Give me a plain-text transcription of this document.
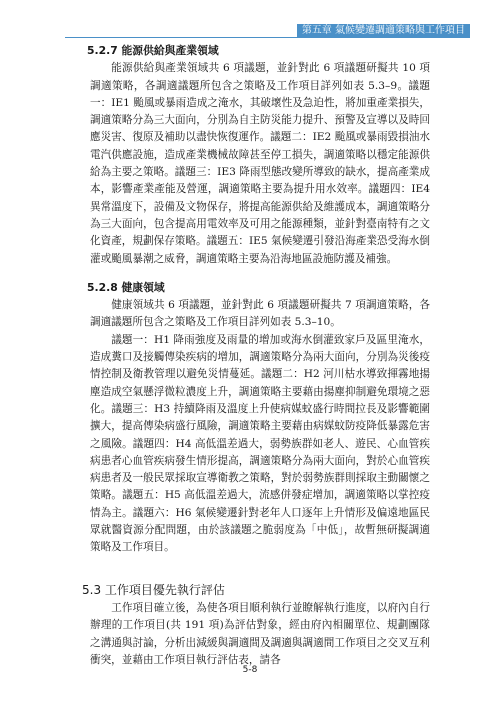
第五章 氣候變遷調適策略與工作項目
5.2.7 能源供給與產業領域

能源供給與產業領域共 6 項議題，並針對此 6 項議題研擬共 10 項調適策略，各調適議題所包含之策略及工作項目詳列如表 5.3–9。議題一：IE1 颱風或暴雨造成之淹水，其破壞性及急迫性，將加重產業損失，調適策略分為三大面向，分別為自主防災能力提升、預警及宣導以及時回應災害、復原及補助以盡快恢復運作。議題二：IE2 颱風或暴雨毀損油水電汽供應設施，造成產業機械故障甚至停工損失，調適策略以穩定能源供給為主要之策略。議題三：IE3 降雨型態改變所導致的缺水，提高產業成本，影響產業產能及營運，調適策略主要為提升用水效率。議題四：IE4 異常溫度下，設備及文物保存，將提高能源供給及維護成本，調適策略分為三大面向，包含提高用電效率及可用之能源種類，並針對臺南特有之文化資產，規劃保存策略。議題五：IE5 氣候變遷引發沿海產業恐受海水倒灌或颱風暴潮之威脅，調適策略主要為沿海地區設施防護及補強。

5.2.8 健康領域

健康領域共 6 項議題，並針對此 6 項議題研擬共 7 項調適策略，各調適議題所包含之策略及工作項目詳列如表 5.3–10。

議題一：H1 降雨強度及雨量的增加或海水倒灌致家戶及區里淹水，造成糞口及接觸傳染疾病的增加，調適策略分為兩大面向，分別為災後疫情控制及衛教管理以避免災情蔓延。議題二：H2 河川枯水導致揮霧地揚塵造成空氣懸浮微粒濃度上升，調適策略主要藉由揚塵抑制避免環境之惡化。議題三：H3 持續降雨及溫度上升使病媒蚊盛行時間拉長及影響範圍擴大，提高傳染病盛行風險，調適策略主要藉由病媒蚊防疫降低暴露危害之風險。議題四：H4 高低溫差過大，弱勢族群如老人、遊民、心血管疾病患者心血管疾病發生情形提高，調適策略分為兩大面向，對於心血管疾病患者及一般民眾採取宣導衛教之策略，對於弱勢族群則採取主動關懷之策略。議題五：H5 高低溫差過大，流感併發症增加，調適策略以掌控疫情為主。議題六：H6 氣候變遷針對老年人口逐年上升情形及偏遠地區民眾就醫資源分配問題，由於該議題之脆弱度為「中低」，故暫無研擬調適策略及工作項目。

5.3 工作項目優先執行評估

工作項目確立後，為使各項目順利執行並瞭解執行進度，以府內自行辦理的工作項目(共 191 項)為評估對象，經由府內相關單位、規劃團隊之溝通與討論，分析出減緩與調適間及調適與調適間工作項目之交叉互利衝突，並藉由工作項目執行評估表，請各

5-8
